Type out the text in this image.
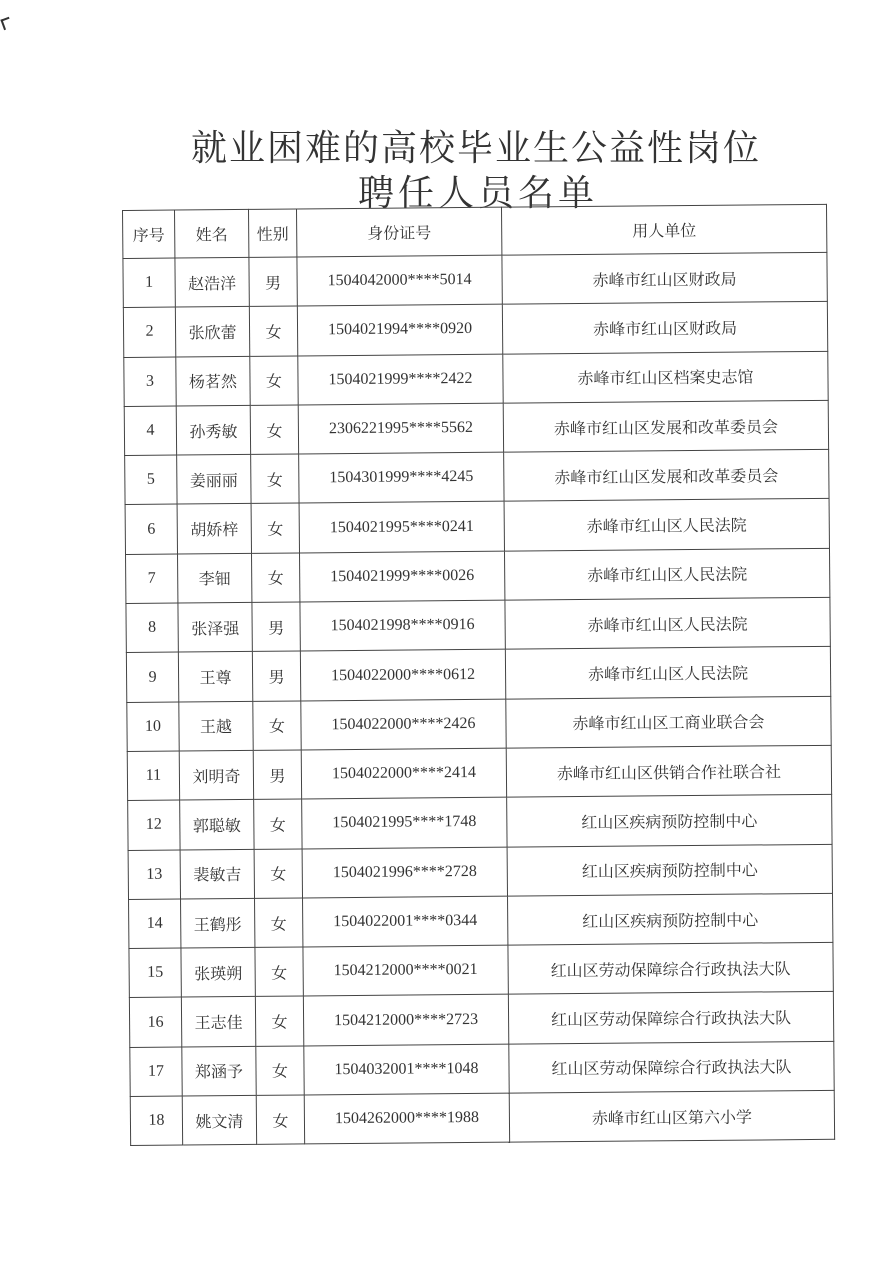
就业困难的高校毕业生公益性岗位
聘任人员名单
序号	姓名	性别	身份证号	用人单位
1	赵浩洋	男	1504042000****5014	赤峰市红山区财政局
2	张欣蕾	女	1504021994****0920	赤峰市红山区财政局
3	杨茗然	女	1504021999****2422	赤峰市红山区档案史志馆
4	孙秀敏	女	2306221995****5562	赤峰市红山区发展和改革委员会
5	姜丽丽	女	1504301999****4245	赤峰市红山区发展和改革委员会
6	胡娇梓	女	1504021995****0241	赤峰市红山区人民法院
7	李钿	女	1504021999****0026	赤峰市红山区人民法院
8	张泽强	男	1504021998****0916	赤峰市红山区人民法院
9	王尊	男	1504022000****0612	赤峰市红山区人民法院
10	王越	女	1504022000****2426	赤峰市红山区工商业联合会
11	刘明奇	男	1504022000****2414	赤峰市红山区供销合作社联合社
12	郭聪敏	女	1504021995****1748	红山区疾病预防控制中心
13	裴敏吉	女	1504021996****2728	红山区疾病预防控制中心
14	王鹤彤	女	1504022001****0344	红山区疾病预防控制中心
15	张瑛朔	女	1504212000****0021	红山区劳动保障综合行政执法大队
16	王志佳	女	1504212000****2723	红山区劳动保障综合行政执法大队
17	郑涵予	女	1504032001****1048	红山区劳动保障综合行政执法大队
18	姚文清	女	1504262000****1988	赤峰市红山区第六小学
